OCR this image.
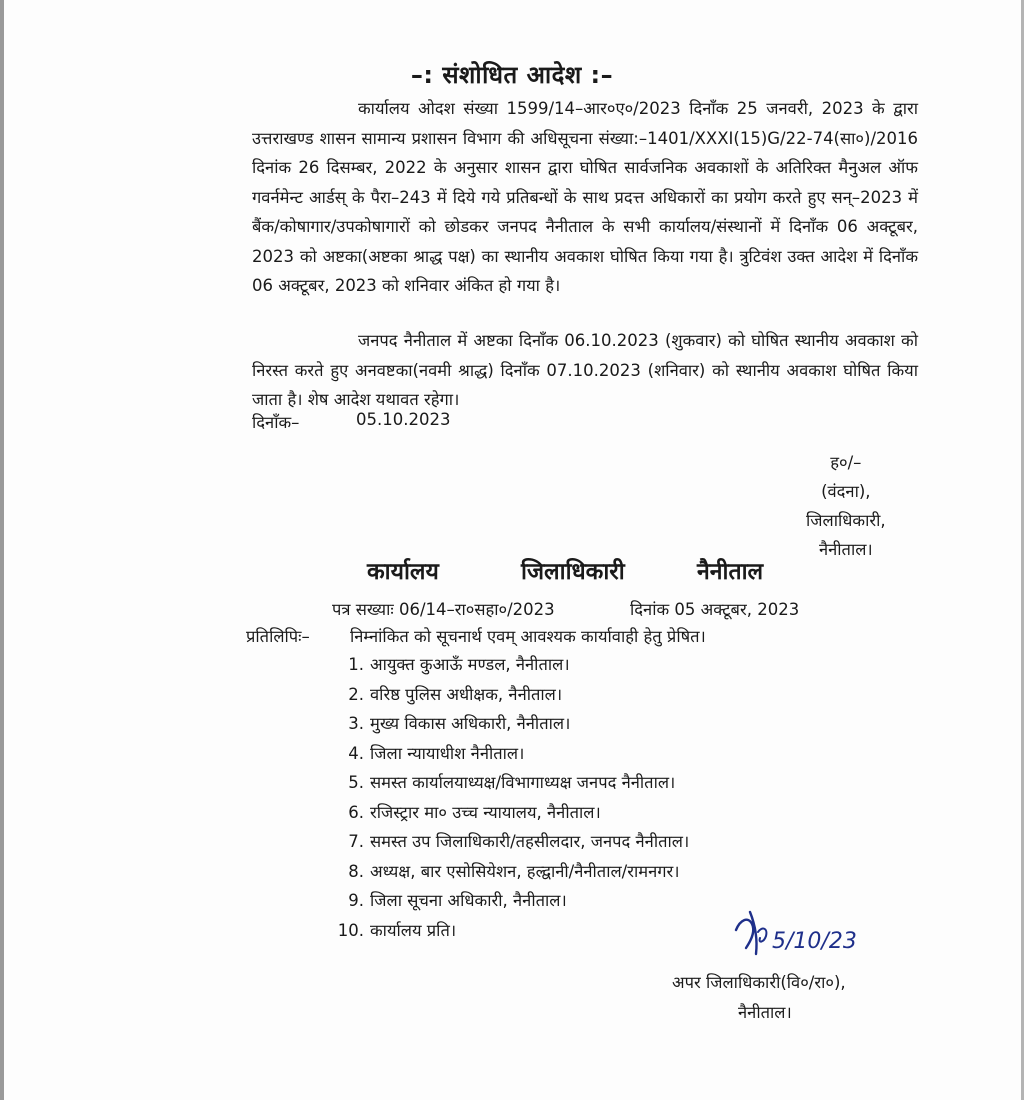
–: संशोधित आदेश :–
कार्यालय ओदश संख्या 1599/14–आर०ए०/2023 दिनाँक 25 जनवरी, 2023 के द्वारा उत्तराखण्ड शासन सामान्य प्रशासन विभाग की अधिसूचना संख्या:–1401/XXXI(15)G/22-74(सा०)/2016 दिनांक 26 दिसम्बर, 2022 के अनुसार शासन द्वारा घोषित सार्वजनिक अवकाशों के अतिरिक्त मैनुअल ऑफ गवर्नमेन्ट आर्डस् के पैरा–243 में दिये गये प्रतिबन्धों के साथ प्रदत्त अधिकारों का प्रयोग करते हुए सन्–2023 में बैंक/कोषागार/उपकोषागारों को छोडकर जनपद नैनीताल के सभी कार्यालय/संस्थानों में दिनाँक 06 अक्टूबर, 2023 को अष्टका(अष्टका श्राद्ध पक्ष) का स्थानीय अवकाश घोषित किया गया है। त्रुटिवंश उक्त आदेश में दिनाँक 06 अक्टूबर, 2023 को शनिवार अंकित हो गया है।
जनपद नैनीताल में अष्टका दिनाँक 06.10.2023 (शुकवार) को घोषित स्थानीय अवकाश को निरस्त करते हुए अनवष्टका(नवमी श्राद्ध) दिनाँक 07.10.2023 (शनिवार) को स्थानीय अवकाश घोषित किया जाता है। शेष आदेश यथावत रहेगा।
दिनाँक–	05.10.2023
ह०/–
(वंदना),
जिलाधिकारी,
नैनीताल।
कार्यालय	जिलाधिकारी	नैनीताल
पत्र सख्याः 06/14–रा०सहा०/2023	दिनांक 05 अक्टूबर, 2023
प्रतिलिपिः– निम्नांकित को सूचनार्थ एवम् आवश्यक कार्यावाही हेतु प्रेषित।
1. आयुक्त कुआऊँ मण्डल, नैनीताल।
2. वरिष्ठ पुलिस अधीक्षक, नैनीताल।
3. मुख्य विकास अधिकारी, नैनीताल।
4. जिला न्यायाधीश नैनीताल।
5. समस्त कार्यालयाध्यक्ष/विभागाध्यक्ष जनपद नैनीताल।
6. रजिस्ट्रार मा० उच्च न्यायालय, नैनीताल।
7. समस्त उप जिलाधिकारी/तहसीलदार, जनपद नैनीताल।
8. अध्यक्ष, बार एसोसियेशन, हल्द्वानी/नैनीताल/रामनगर।
9. जिला सूचना अधिकारी, नैनीताल।
10. कार्यालय प्रति।	5/10/23
अपर जिलाधिकारी(वि०/रा०),
नैनीताल।
